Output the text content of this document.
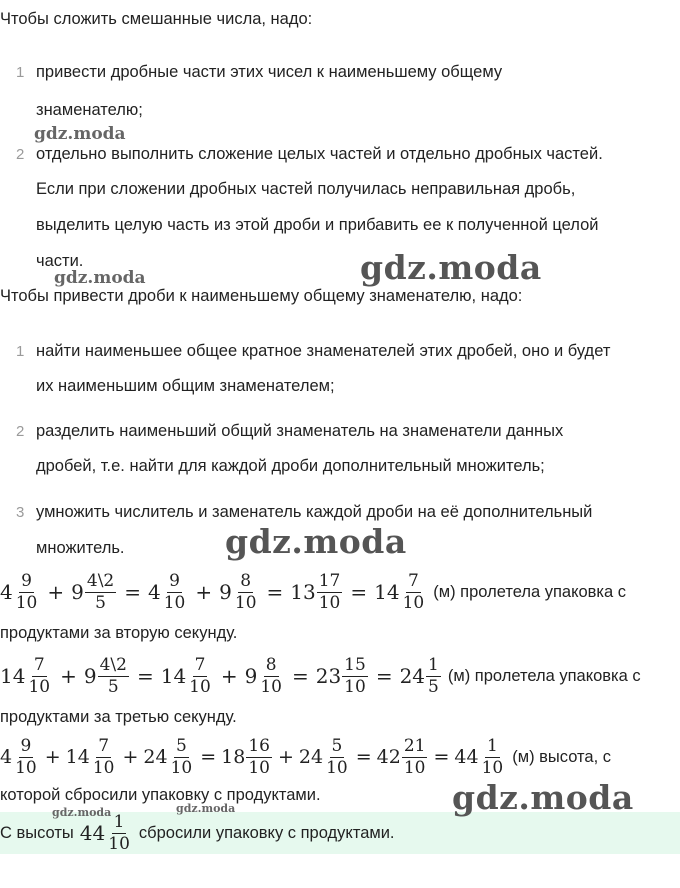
Чтобы сложить смешанные числа, надо:
1 привести дробные части этих чисел к наименьшему общему
знаменателю;
2 отдельно выполнить сложение целых частей и отдельно дробных частей.
Если при сложении дробных частей получилась неправильная дробь,
выделить целую часть из этой дроби и прибавить ее к полученной целой
части.
Чтобы привести дроби к наименьшему общему знаменателю, надо:
1 найти наименьшее общее кратное знаменателей этих дробей, оно и будет
их наименьшим общим знаменателем;
2 разделить наименьший общий знаменатель на знаменатели данных
дробей, т.е. найти для каждой дроби дополнительный множитель;
3 умножить числитель и заменатель каждой дроби на её дополнительный
множитель.
$4 \frac{9}{10} + 9 \frac{4\backslash 2}{5} = 4 \frac{9}{10} + 9 \frac{8}{10} = 13 \frac{17}{10} = 14 \frac{7}{10} (м)$ пролетела упаковка с
продуктами за вторую секунду.
$14 \frac{7}{10} + 9 \frac{4\backslash 2}{5} = 14 \frac{7}{10} + 9 \frac{8}{10} = 23 \frac{15}{10} = 24 \frac{1}{5} (м)$ пролетела упаковка с
продуктами за третью секунду.
$4 \frac{9}{10} + 14 \frac{7}{10} + 24 \frac{5}{10} = 18 \frac{16}{10} + 24 \frac{5}{10} = 42 \frac{21}{10} = 44 \frac{1}{10} (м)$ высота, с
которой сбросили упаковку с продуктами.
С высоты $44 \frac{1}{10}$ сбросили упаковку с продуктами.
gdz.moda
gdz.moda	gdz.moda
gdz.moda
gdz.moda
gdz.moda	gdz.moda
